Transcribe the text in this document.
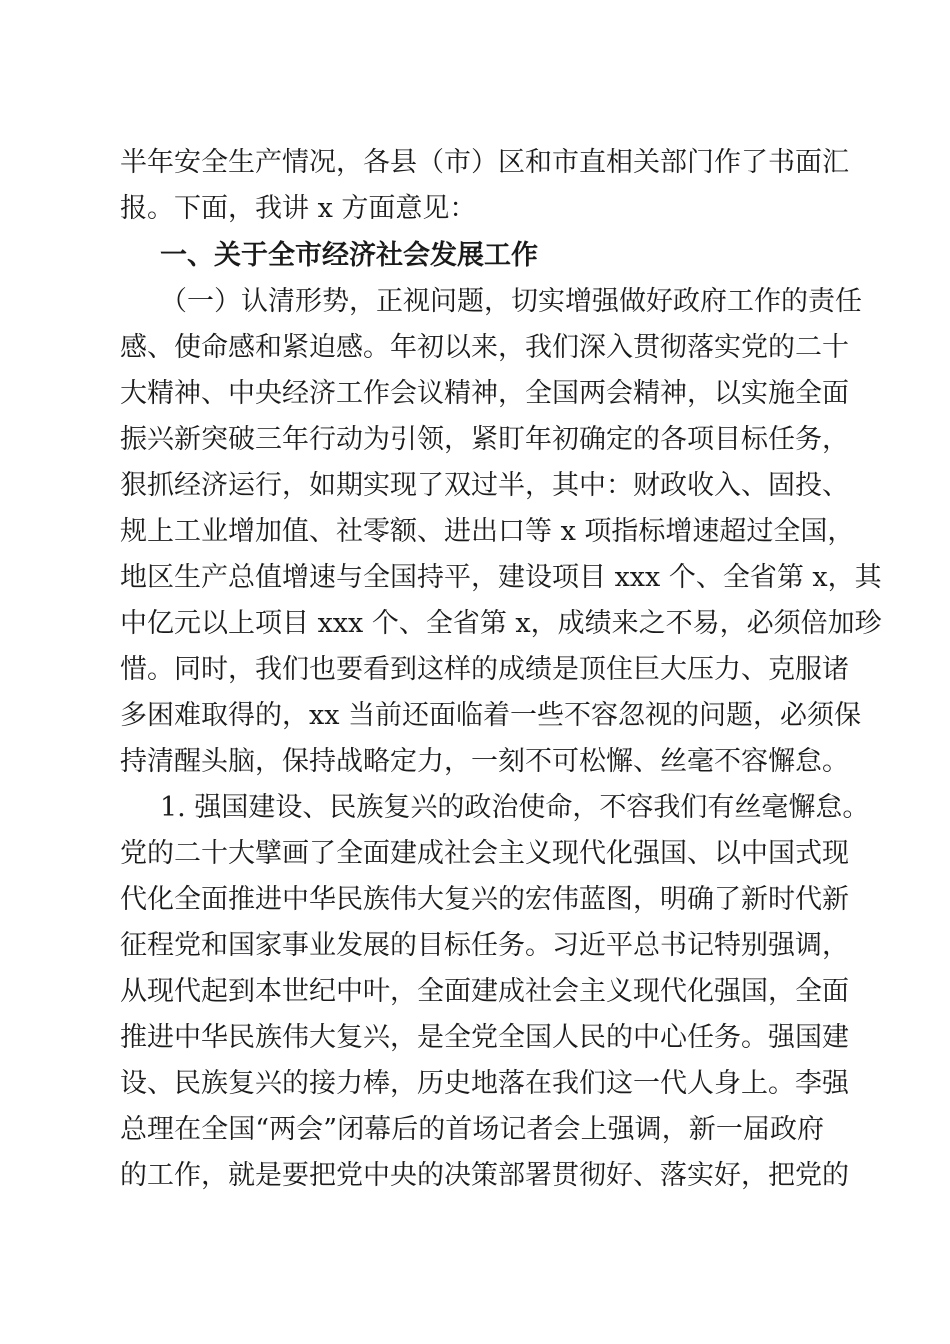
半年安全生产情况，各县（市）区和市直相关部门作了书面汇
报。下面，我讲 x 方面意见：
一、关于全市经济社会发展工作
（一）认清形势，正视问题，切实增强做好政府工作的责任
感、使命感和紧迫感。年初以来，我们深入贯彻落实党的二十
大精神、中央经济工作会议精神，全国两会精神，以实施全面
振兴新突破三年行动为引领，紧盯年初确定的各项目标任务，
狠抓经济运行，如期实现了双过半，其中：财政收入、固投、
规上工业增加值、社零额、进出口等 x 项指标增速超过全国，
地区生产总值增速与全国持平，建设项目 xxx 个、全省第 x，其
中亿元以上项目 xxx 个、全省第 x，成绩来之不易，必须倍加珍
惜。同时，我们也要看到这样的成绩是顶住巨大压力、克服诸
多困难取得的，xx 当前还面临着一些不容忽视的问题，必须保
持清醒头脑，保持战略定力，一刻不可松懈、丝毫不容懈怠。
1. 强国建设、民族复兴的政治使命，不容我们有丝毫懈怠。
党的二十大擘画了全面建成社会主义现代化强国、以中国式现
代化全面推进中华民族伟大复兴的宏伟蓝图，明确了新时代新
征程党和国家事业发展的目标任务。习近平总书记特别强调，
从现代起到本世纪中叶，全面建成社会主义现代化强国，全面
推进中华民族伟大复兴，是全党全国人民的中心任务。强国建
设、民族复兴的接力棒，历史地落在我们这一代人身上。李强
总理在全国“两会”闭幕后的首场记者会上强调，新一届政府
的工作，就是要把党中央的决策部署贯彻好、落实好，把党的
